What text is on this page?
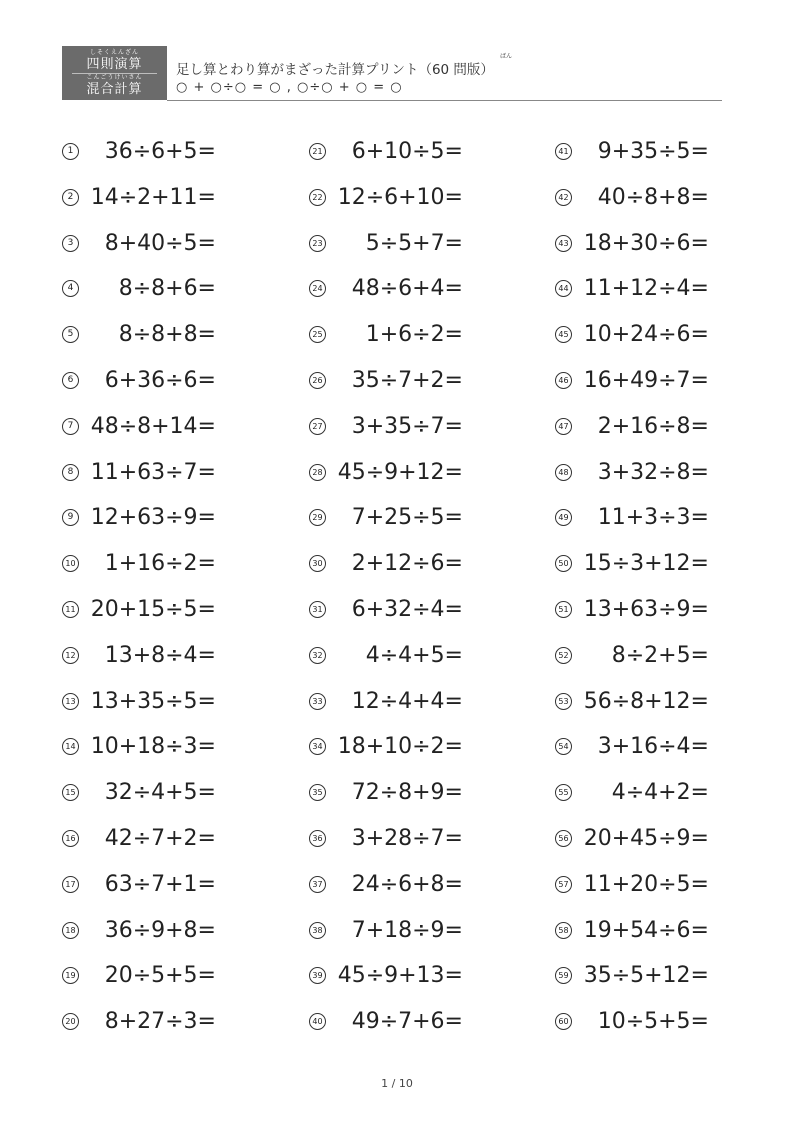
しそくえんざん
四則演算
こんごうけいさん
混合計算
ばん
足し算とわり算がまざった計算プリント（60 問版）
○ + ○÷○ = ○ , ○÷○ + ○ = ○
1	36÷6+5=
2 14÷2+11=
3	8+40÷5=
4	8÷8+6=
5	8÷8+8=
6	6+36÷6=
7 48÷8+14=
8 11+63÷7=
9 12+63÷9=
10	1+16÷2=
11 20+15÷5=
12	13+8÷4=
13 13+35÷5=
14 10+18÷3=
15	32÷4+5=
16	42÷7+2=
17	63÷7+1=
18	36÷9+8=
19	20÷5+5=
20	8+27÷3=
21	6+10÷5=
22 12÷6+10=
23	5÷5+7=
24	48÷6+4=
25	1+6÷2=
26	35÷7+2=
27	3+35÷7=
28 45÷9+12=
29	7+25÷5=
30	2+12÷6=
31	6+32÷4=
32	4÷4+5=
33	12÷4+4=
34 18+10÷2=
35	72÷8+9=
36	3+28÷7=
37	24÷6+8=
38	7+18÷9=
39 45÷9+13=
40	49÷7+6=
41	9+35÷5=
42	40÷8+8=
43 18+30÷6=
44 11+12÷4=
45 10+24÷6=
46 16+49÷7=
47	2+16÷8=
48	3+32÷8=
49	11+3÷3=
50 15÷3+12=
51 13+63÷9=
52	8÷2+5=
53 56÷8+12=
54	3+16÷4=
55	4÷4+2=
56 20+45÷9=
57 11+20÷5=
58 19+54÷6=
59 35÷5+12=
60	10÷5+5=
1 / 10
